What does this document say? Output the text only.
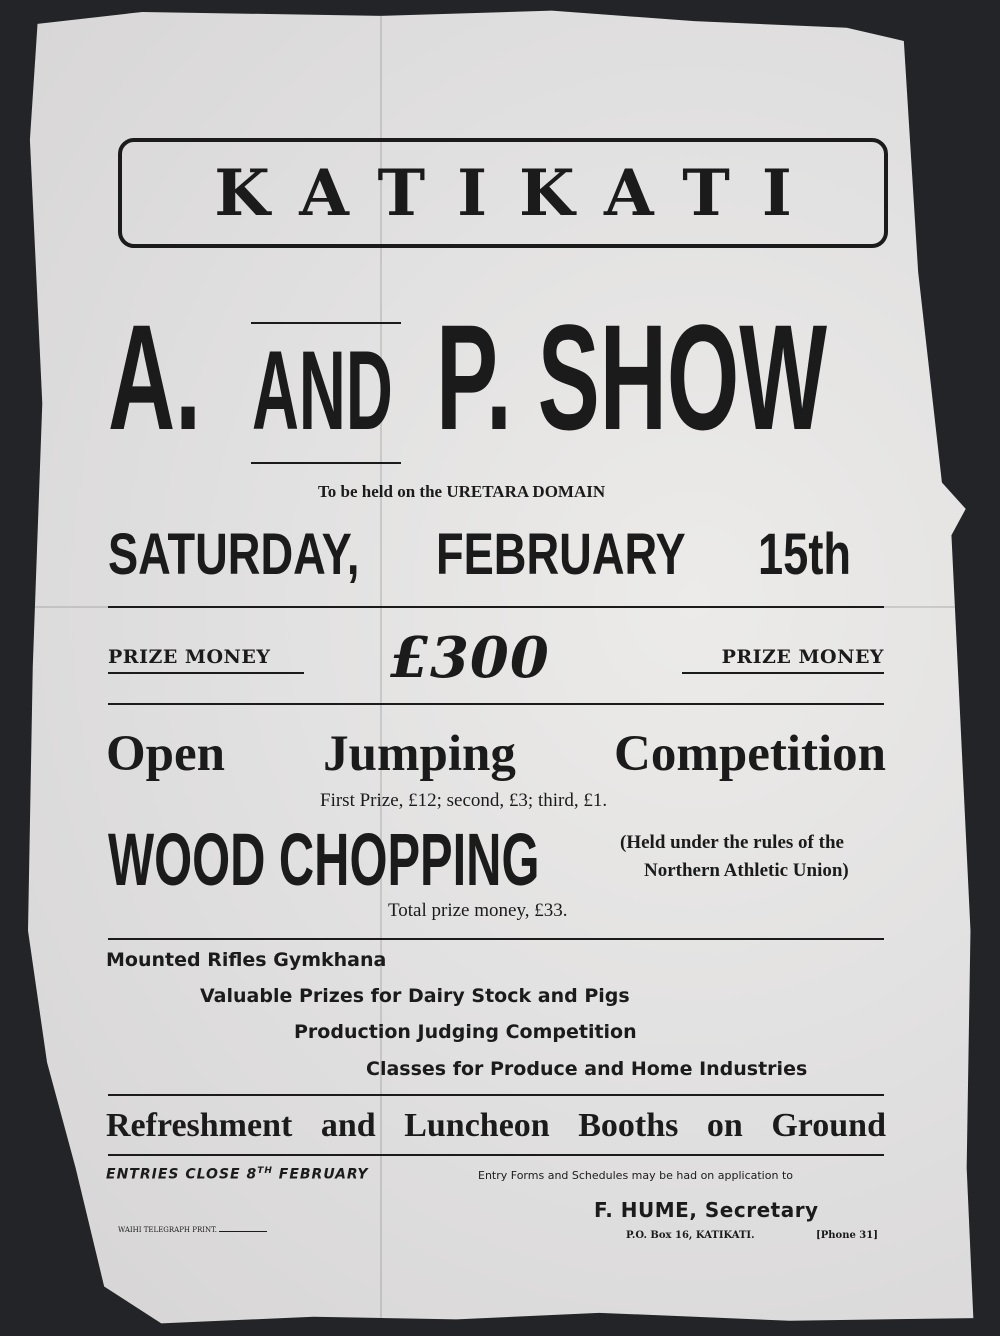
KATIKATI
A. AND P. SHOW
To be held on the URETARA DOMAIN
SATURDAY,	FEBRUARY	15th
PRIZE MONEY	£300	PRIZE MONEY
Open Jumping Competition
First Prize, £12; second, £3; third, £1.
WOOD CHOPPING	(Held under the rules of the
Northern Athletic Union)
Total prize money, £33.
Mounted Rifles Gymkhana
Valuable Prizes for Dairy Stock and Pigs
Production Judging Competition
Classes for Produce and Home Industries
Refreshment and Luncheon Booths on Ground
ENTRIES CLOSE 8TH FEBRUARY	Entry Forms and Schedules may be had on application to
F. HUME, Secretary
WAIHI TELEGRAPH PRINT.	P.O. Box 16, KATIKATI.	[Phone 31]
